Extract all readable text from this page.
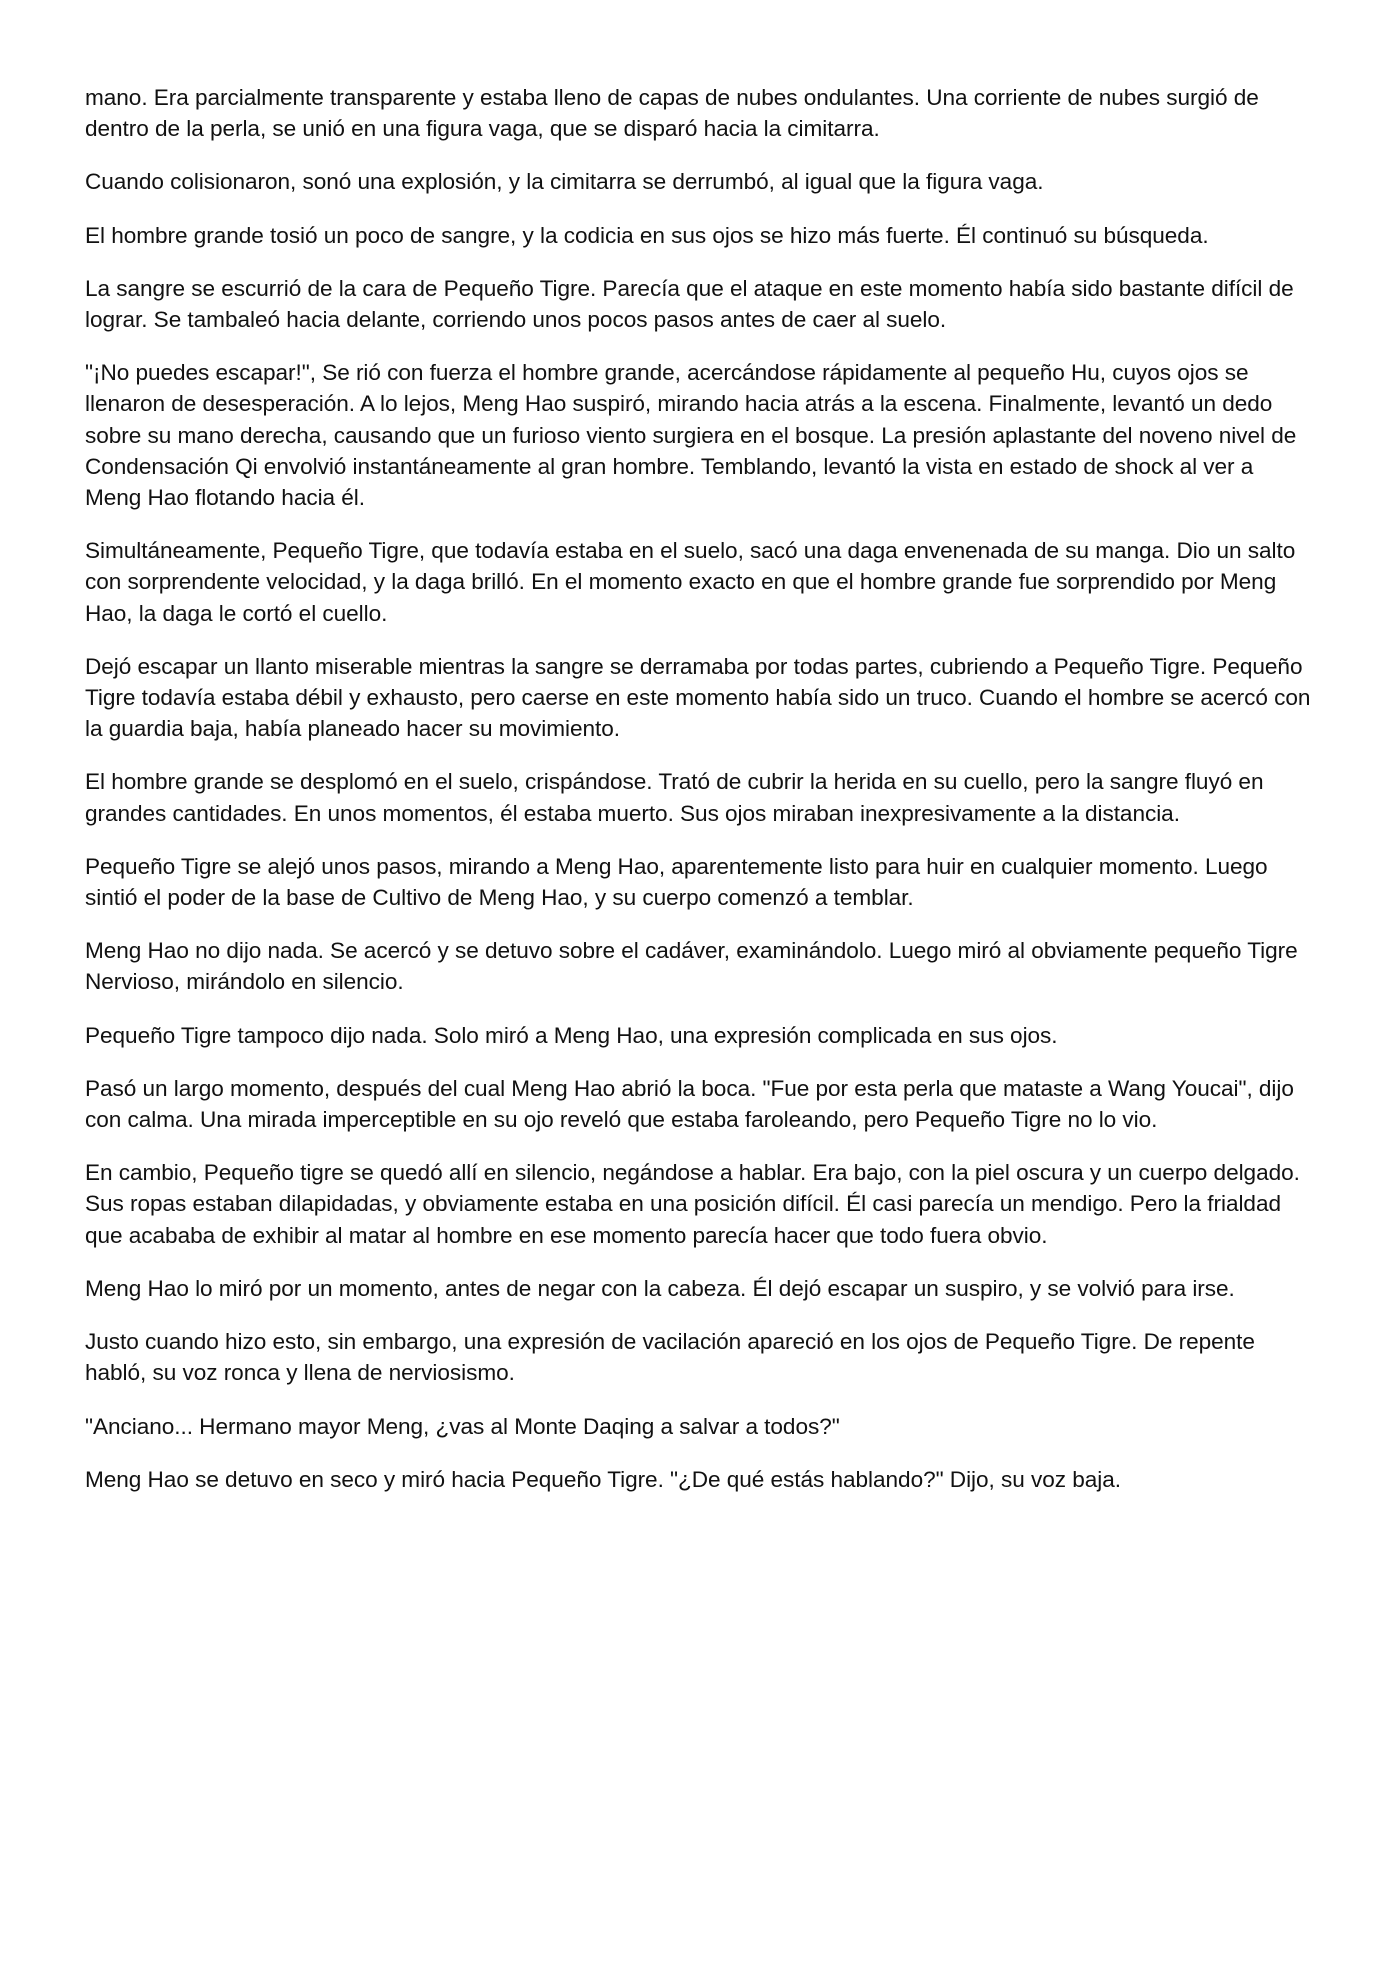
mano. Era parcialmente transparente y estaba lleno de capas de nubes ondulantes. Una corriente de nubes surgió de dentro de la perla, se unió en una figura vaga, que se disparó hacia la cimitarra.

Cuando colisionaron, sonó una explosión, y la cimitarra se derrumbó, al igual que la figura vaga.

El hombre grande tosió un poco de sangre, y la codicia en sus ojos se hizo más fuerte. Él continuó su búsqueda.

La sangre se escurrió de la cara de Pequeño Tigre. Parecía que el ataque en este momento había sido bastante difícil de lograr. Se tambaleó hacia delante, corriendo unos pocos pasos antes de caer al suelo.

"¡No puedes escapar!", Se rió con fuerza el hombre grande, acercándose rápidamente al pequeño Hu, cuyos ojos se llenaron de desesperación. A lo lejos, Meng Hao suspiró, mirando hacia atrás a la escena. Finalmente, levantó un dedo sobre su mano derecha, causando que un furioso viento surgiera en el bosque. La presión aplastante del noveno nivel de Condensación Qi envolvió instantáneamente al gran hombre. Temblando, levantó la vista en estado de shock al ver a Meng Hao flotando hacia él.

Simultáneamente, Pequeño Tigre, que todavía estaba en el suelo, sacó una daga envenenada de su manga. Dio un salto con sorprendente velocidad, y la daga brilló. En el momento exacto en que el hombre grande fue sorprendido por Meng Hao, la daga le cortó el cuello.

Dejó escapar un llanto miserable mientras la sangre se derramaba por todas partes, cubriendo a Pequeño Tigre. Pequeño Tigre todavía estaba débil y exhausto, pero caerse en este momento había sido un truco. Cuando el hombre se acercó con la guardia baja, había planeado hacer su movimiento.

El hombre grande se desplomó en el suelo, crispándose. Trató de cubrir la herida en su cuello, pero la sangre fluyó en grandes cantidades. En unos momentos, él estaba muerto. Sus ojos miraban inexpresivamente a la distancia.

Pequeño Tigre se alejó unos pasos, mirando a Meng Hao, aparentemente listo para huir en cualquier momento. Luego sintió el poder de la base de Cultivo de Meng Hao, y su cuerpo comenzó a temblar.

Meng Hao no dijo nada. Se acercó y se detuvo sobre el cadáver, examinándolo. Luego miró al obviamente pequeño Tigre Nervioso, mirándolo en silencio.

Pequeño Tigre tampoco dijo nada. Solo miró a Meng Hao, una expresión complicada en sus ojos.

Pasó un largo momento, después del cual Meng Hao abrió la boca. "Fue por esta perla que mataste a Wang Youcai", dijo con calma. Una mirada imperceptible en su ojo reveló que estaba faroleando, pero Pequeño Tigre no lo vio.

En cambio, Pequeño tigre se quedó allí en silencio, negándose a hablar. Era bajo, con la piel oscura y un cuerpo delgado. Sus ropas estaban dilapidadas, y obviamente estaba en una posición difícil. Él casi parecía un mendigo. Pero la frialdad que acababa de exhibir al matar al hombre en ese momento parecía hacer que todo fuera obvio.

Meng Hao lo miró por un momento, antes de negar con la cabeza. Él dejó escapar un suspiro, y se volvió para irse.

Justo cuando hizo esto, sin embargo, una expresión de vacilación apareció en los ojos de Pequeño Tigre. De repente habló, su voz ronca y llena de nerviosismo.

"Anciano... Hermano mayor Meng, ¿vas al Monte Daqing a salvar a todos?"

Meng Hao se detuvo en seco y miró hacia Pequeño Tigre. "¿De qué estás hablando?" Dijo, su voz baja.
